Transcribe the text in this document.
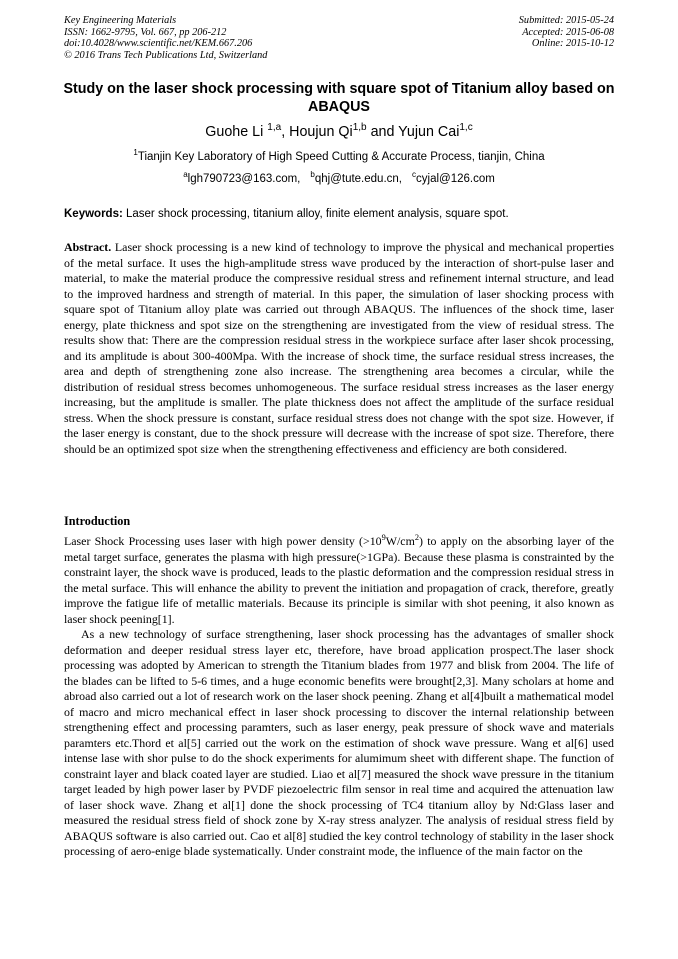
Key Engineering Materials
ISSN: 1662-9795, Vol. 667, pp 206-212
doi:10.4028/www.scientific.net/KEM.667.206
© 2016 Trans Tech Publications Ltd, Switzerland
Submitted: 2015-05-24
Accepted: 2015-06-08
Online: 2015-10-12
Study on the laser shock processing with square spot of Titanium alloy based on ABAQUS
Guohe Li $^{1,a}$, Houjun Qi$^{1,b}$ and Yujun Cai$^{1,c}$
$^1$Tianjin Key Laboratory of High Speed Cutting & Accurate Process, tianjin, China
$^a$lgh790723@163.com, $^b$qhj@tute.edu.cn, $^c$cyjal@126.com
Keywords: Laser shock processing, titanium alloy, finite element analysis, square spot.
Abstract. Laser shock processing is a new kind of technology to improve the physical and mechanical properties of the metal surface. It uses the high-amplitude stress wave produced by the interaction of short-pulse laser and material, to make the material produce the compressive residual stress and refinement internal structure, and lead to the improved hardness and strength of material. In this paper, the simulation of laser shocking process with square spot of Titanium alloy plate was carried out through ABAQUS. The influences of the shock time, laser energy, plate thickness and spot size on the strengthening are investigated from the view of residual stress. The results show that: There are the compression residual stress in the workpiece surface after laser shcok processing, and its amplitude is about 300-400Mpa. With the increase of shock time, the surface residual stress increases, the area and depth of strengthening zone also increase. The strengthening area becomes a circular, while the distribution of residual stress becomes unhomogeneous. The surface residual stress increases as the laser energy increasing, but the amplitude is smaller. The plate thickness does not affect the amplitude of the surface residual stress. When the shock pressure is constant, surface residual stress does not change with the spot size. However, if the laser energy is constant, due to the shock pressure will decrease with the increase of spot size. Therefore, there should be an optimized spot size when the strengthening effectiveness and efficiency are both considered.
Introduction
Laser Shock Processing uses laser with high power density $(>10^9W/cm^2)$ to apply on the absorbing layer of the metal target surface, generates the plasma with high pressure(>1GPa). Because these plasma is constrainted by the constraint layer, the shock wave is produced, leads to the plastic deformation and the compression residual stress in the metal surface. This will enhance the ability to prevent the initiation and propagation of crack, therefore, greatly improve the fatigue life of metallic materials. Because its principle is similar with shot peening, it also known as laser shock peening[1].
As a new technology of surface strengthening, laser shock processing has the advantages of smaller shock deformation and deeper residual stress layer etc, therefore, have broad application prospect.The laser shock processing was adopted by American to strength the Titanium blades from 1977 and blisk from 2004. The life of the blades can be lifted to 5-6 times, and a huge economic benefits were brought[2,3]. Many scholars at home and abroad also carried out a lot of research work on the laser shock peening. Zhang et al[4]built a mathematical model of macro and micro mechanical effect in laser shock processing to discover the internal relationship between strengthening effect and processing paramters, such as laser energy, peak pressure of shock wave and materials paramters etc.Thord et al[5] carried out the work on the estimation of shock wave pressure. Wang et al[6] used intense lase with shor pulse to do the shock experiments for alumimum sheet with different shape. The function of constraint layer and black coated layer are studied. Liao et al[7] measured the shock wave pressure in the titanium target leaded by high power laser by PVDF piezoelectric film sensor in real time and acquired the attenuation law of laser shock wave. Zhang et al[1] done the shock processing of TC4 titanium alloy by Nd:Glass laser and measured the residual stress field of shock zone by X-ray stress analyzer. The analysis of residual stress field by ABAQUS software is also carried out. Cao et al[8] studied the key control technology of stability in the laser shock processing of aero-enige blade systematically. Under constraint mode, the influence of the main factor on the
